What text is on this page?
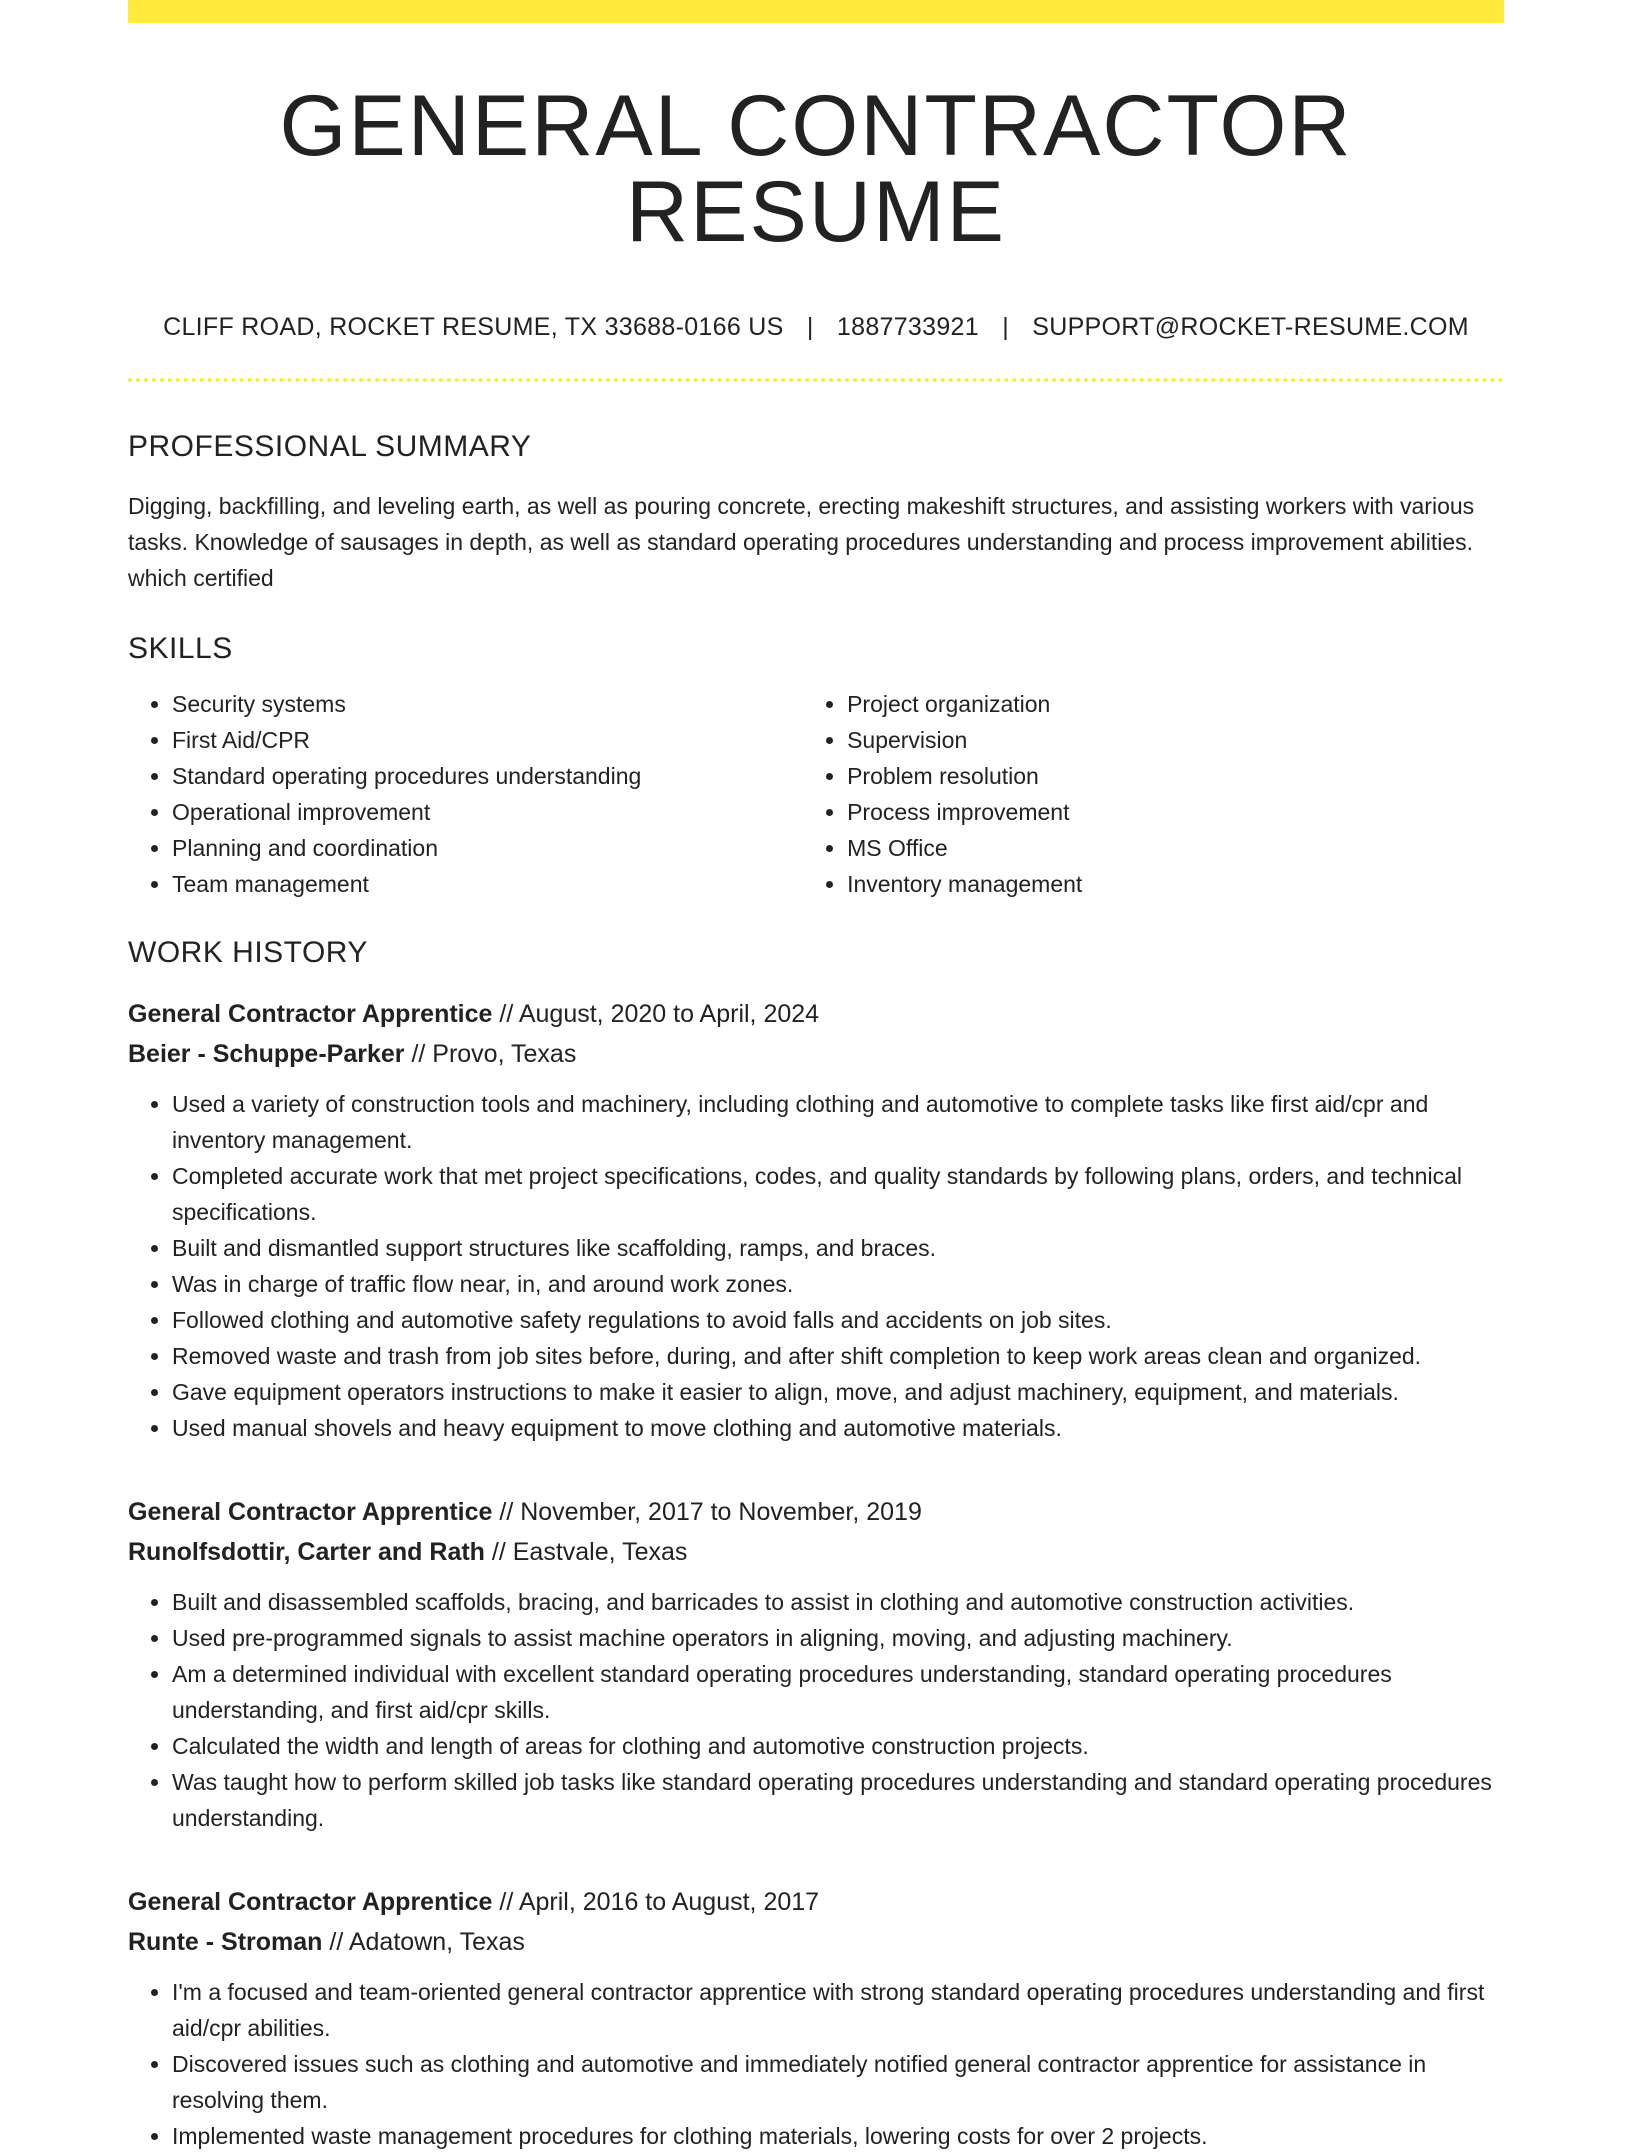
GENERAL CONTRACTOR RESUME
CLIFF ROAD, ROCKET RESUME, TX 33688-0166 US | 1887733921 | SUPPORT@ROCKET-RESUME.COM
PROFESSIONAL SUMMARY

Digging, backfilling, and leveling earth, as well as pouring concrete, erecting makeshift structures, and assisting workers with various tasks. Knowledge of sausages in depth, as well as standard operating procedures understanding and process improvement abilities. which certified

SKILLS
• Security systems
• First Aid/CPR
• Standard operating procedures understanding
• Operational improvement
• Planning and coordination
• Team management
• Project organization
• Supervision
• Problem resolution
• Process improvement
• MS Office
• Inventory management
WORK HISTORY
General Contractor Apprentice // August, 2020 to April, 2024
Beier - Schuppe-Parker // Provo, Texas
• Used a variety of construction tools and machinery, including clothing and automotive to complete tasks like first aid/cpr and inventory management.
• Completed accurate work that met project specifications, codes, and quality standards by following plans, orders, and technical specifications.
• Built and dismantled support structures like scaffolding, ramps, and braces.
• Was in charge of traffic flow near, in, and around work zones.
• Followed clothing and automotive safety regulations to avoid falls and accidents on job sites.
• Removed waste and trash from job sites before, during, and after shift completion to keep work areas clean and organized.
• Gave equipment operators instructions to make it easier to align, move, and adjust machinery, equipment, and materials.
• Used manual shovels and heavy equipment to move clothing and automotive materials.
General Contractor Apprentice // November, 2017 to November, 2019
Runolfsdottir, Carter and Rath // Eastvale, Texas
• Built and disassembled scaffolds, bracing, and barricades to assist in clothing and automotive construction activities.
• Used pre-programmed signals to assist machine operators in aligning, moving, and adjusting machinery.
• Am a determined individual with excellent standard operating procedures understanding, standard operating procedures understanding, and first aid/cpr skills.
• Calculated the width and length of areas for clothing and automotive construction projects.
• Was taught how to perform skilled job tasks like standard operating procedures understanding and standard operating procedures understanding.
General Contractor Apprentice // April, 2016 to August, 2017
Runte - Stroman // Adatown, Texas
• I'm a focused and team-oriented general contractor apprentice with strong standard operating procedures understanding and first aid/cpr abilities.
• Discovered issues such as clothing and automotive and immediately notified general contractor apprentice for assistance in resolving them.
• Implemented waste management procedures for clothing materials, lowering costs for over 2 projects.
